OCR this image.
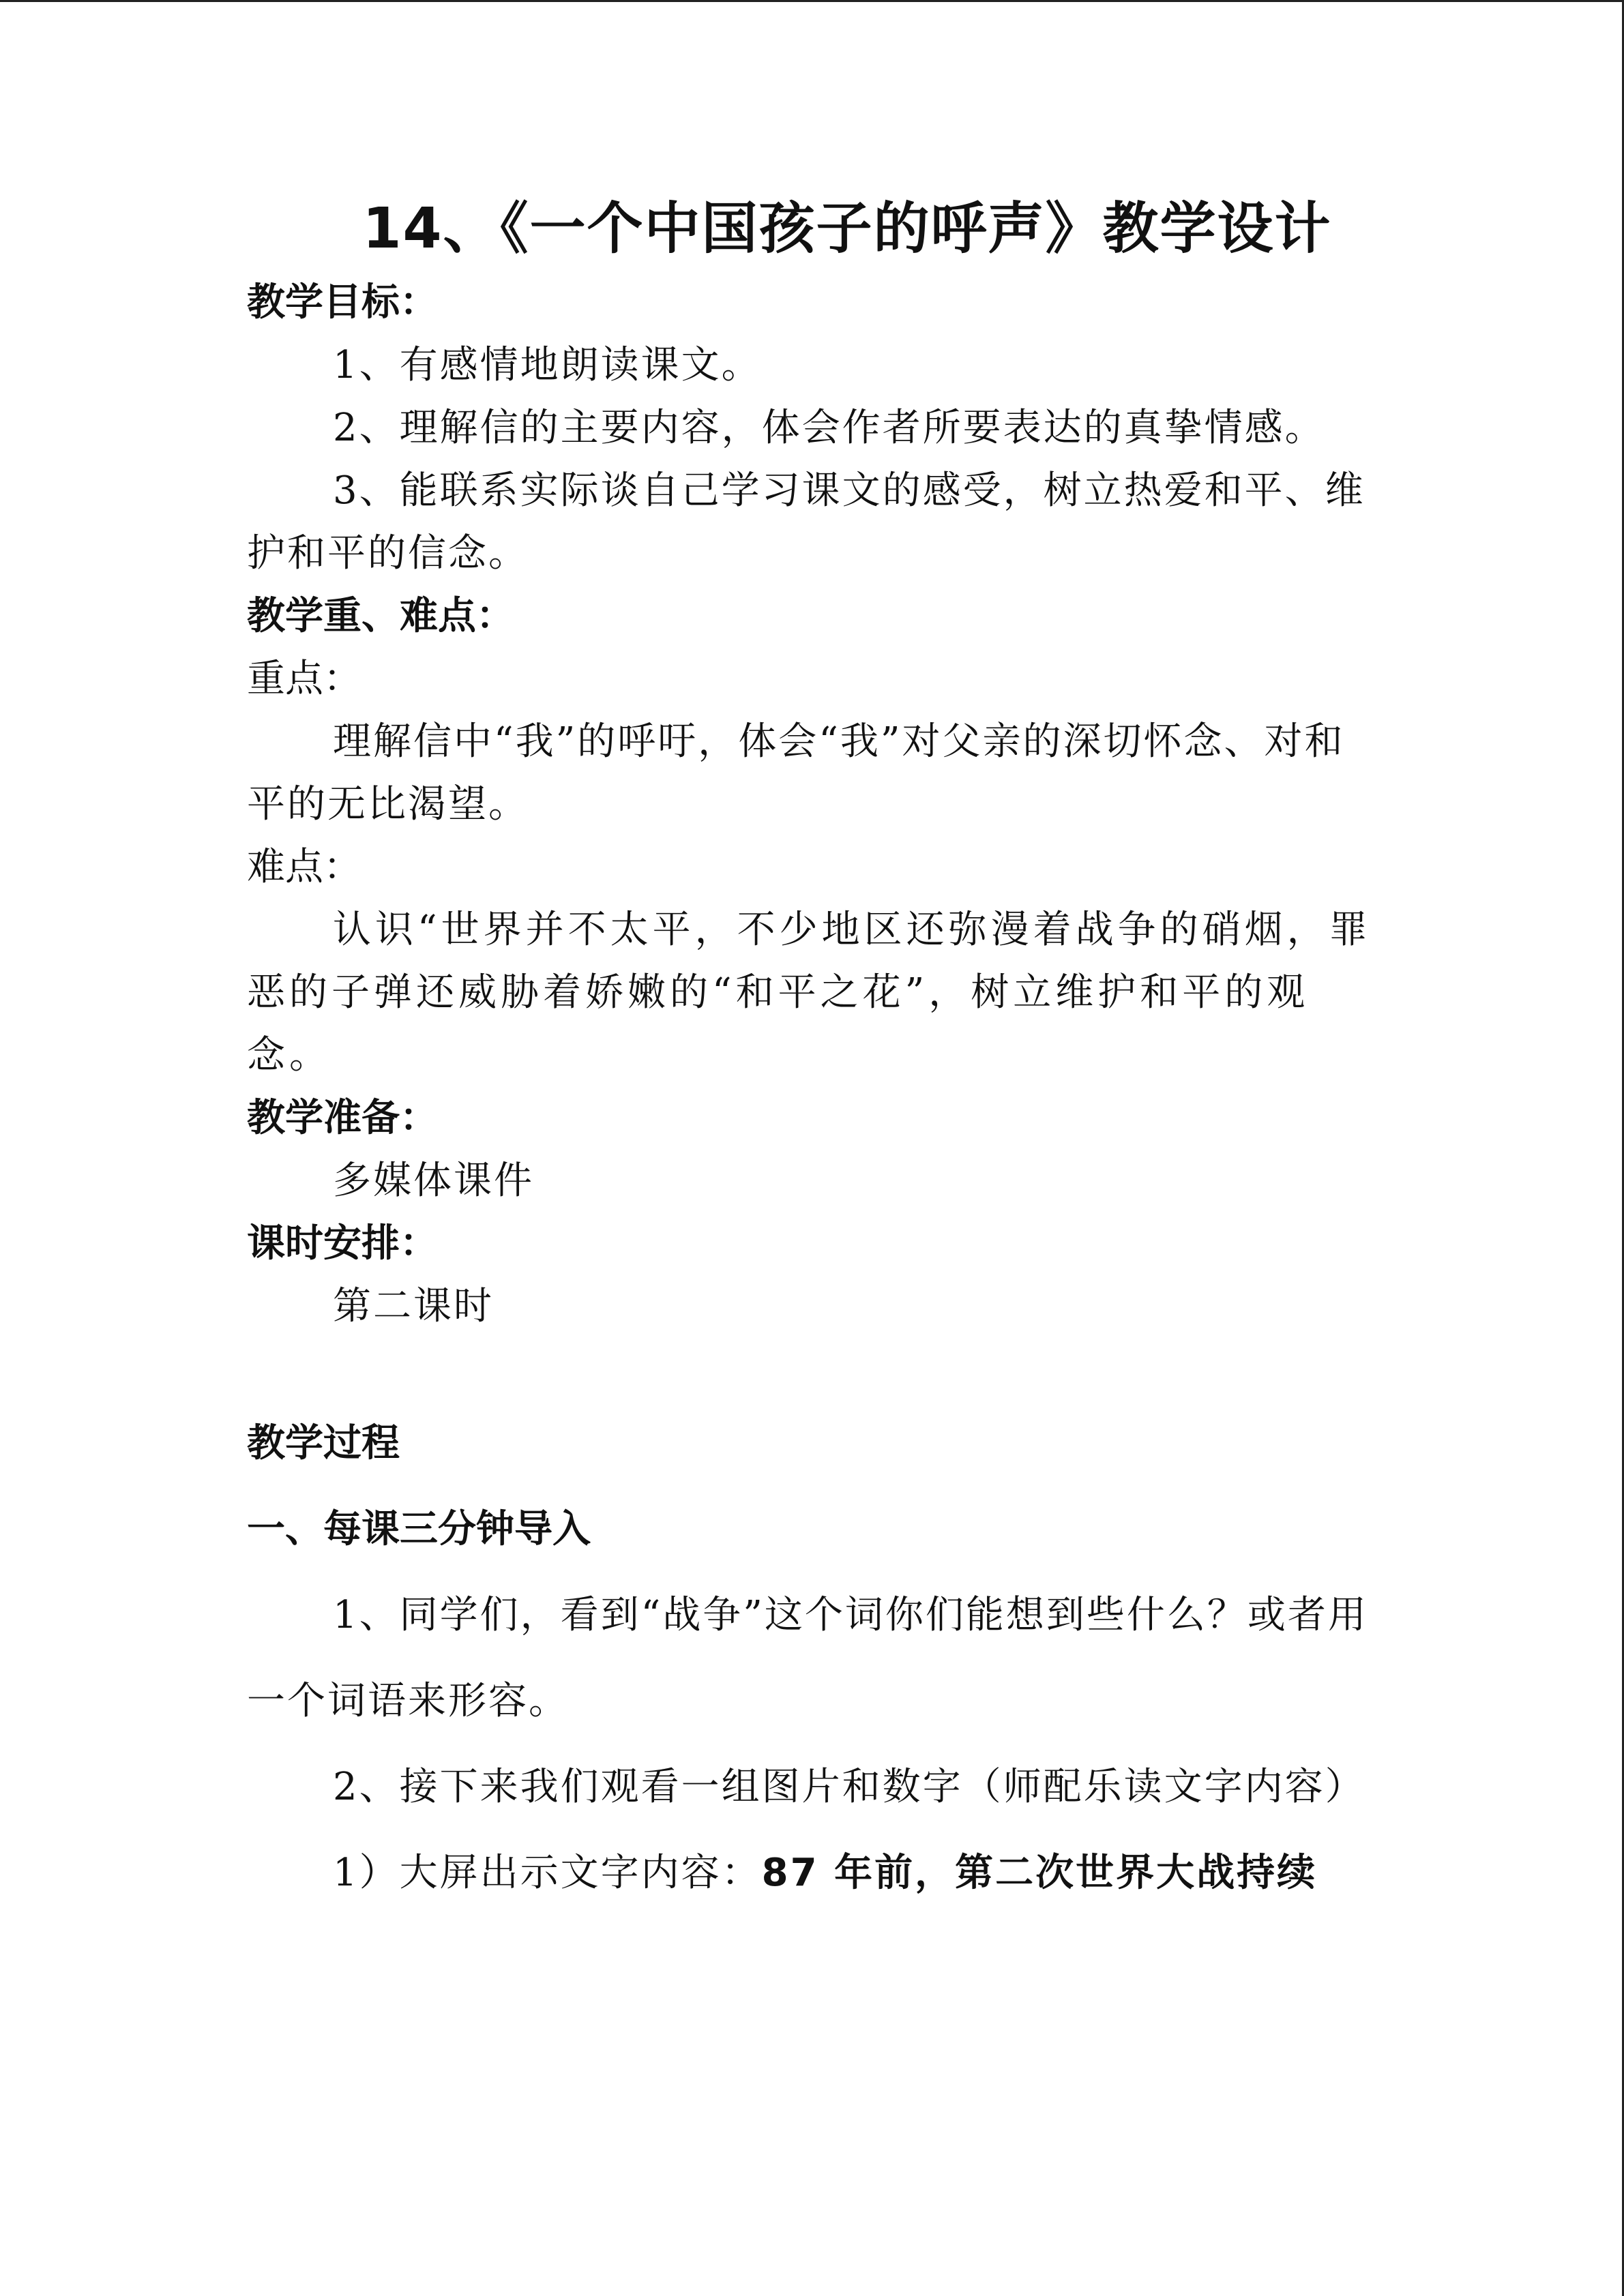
14、《一个中国孩子的呼声》教学设计

教学目标：

1、有感情地朗读课文。

2、理解信的主要内容，体会作者所要表达的真挚情感。

3、能联系实际谈自己学习课文的感受，树立热爱和平、维护和平的信念。

教学重、难点：

重点：

理解信中“我”的呼吁，体会“我”对父亲的深切怀念、对和平的无比渴望。

难点：

认识“世界并不太平，不少地区还弥漫着战争的硝烟，罪恶的子弹还威胁着娇嫩的“和平之花”，树立维护和平的观念。

教学准备：

多媒体课件

课时安排：

第二课时

教学过程

一、每课三分钟导入

1、同学们，看到“战争”这个词你们能想到些什么？或者用一个词语来形容。

2、接下来我们观看一组图片和数字（师配乐读文字内容）

1）大屏出示文字内容：87 年前，第二次世界大战持续
